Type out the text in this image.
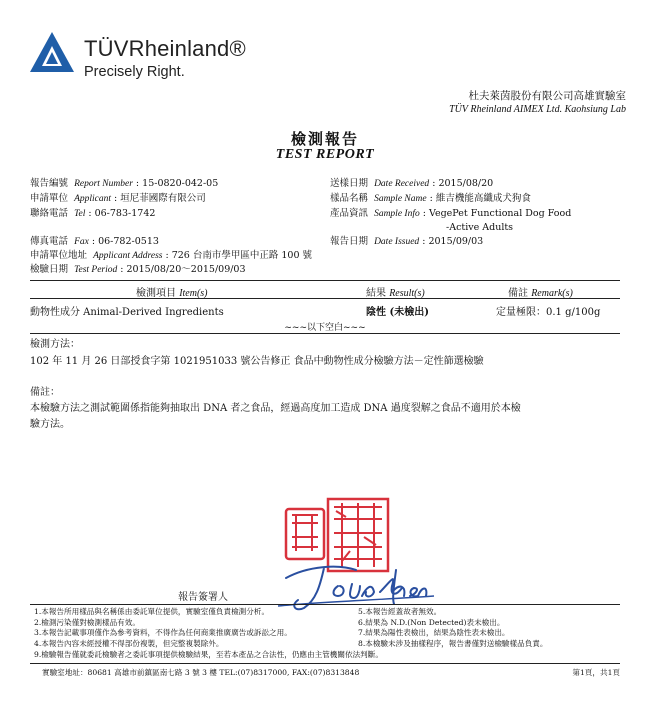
TÜVRheinland®
Precisely Right.
杜夫萊茵股份有限公司高雄實驗室
TÜV Rheinland AIMEX Ltd. Kaohsiung Lab
檢測報告
TEST REPORT
報告編號 Report Number : 15-0820-042-05
申請單位 Applicant : 垣尼菲國際有限公司
聯絡電話 Tel : 06-783-1742
傳真電話 Fax : 06-782-0513
申請單位地址 Applicant Address : 726 台南市學甲區中正路 100 號
檢驗日期 Test Period : 2015/08/20～2015/09/03
送樣日期 Date Received : 2015/08/20
樣品名稱 Sample Name : 維吉機能高纖成犬狗食
產品資訊 Sample Info : VegePet Functional Dog Food
-Active Adults
報告日期 Date Issued : 2015/09/03
檢測項目 Item(s)	結果 Result(s)	備註 Remark(s)
動物性成分 Animal-Derived Ingredients	陰性 (未檢出)	定量極限：0.1 g/100g
~~~以下空白~~~
檢測方法：
102 年 11 月 26 日部授食字第 1021951033 號公告修正 食品中動物性成分檢驗方法－定性篩選檢驗
備註：
本檢驗方法之測試範圍係指能夠抽取出 DNA 者之食品，經過高度加工造成 DNA 過度裂解之食品不適用於本檢
驗方法。
報告簽署人
1.本報告所用樣品與名稱係由委託單位提供，實驗室僅負責檢測分析。
2.檢測污染僅對檢測樣品有效。
3.本報告記載事項僅作為參考資料，不得作為任何商業推廣廣告或訴訟之用。
4.本報告內容未經授權不得部份複製，但完整複製除外。
5.本報告經蓋故者無效。
6.結果為 N.D.(Non Detected)表未檢出。
7.結果為陽性表檢出，結果為陰性表未檢出。
8.本檢驗未涉及抽樣程序，報告書僅對送檢驗樣品負責。
9.檢驗報告僅就委託檢驗者之委託事項提供檢驗結果，至若本產品之合法性，仍應由主管機關依法判斷。
實驗室地址：80681 高雄市前鎮區南七路 3 號 3 樓 TEL:(07)8317000, FAX:(07)8313848	第1頁，共1頁
